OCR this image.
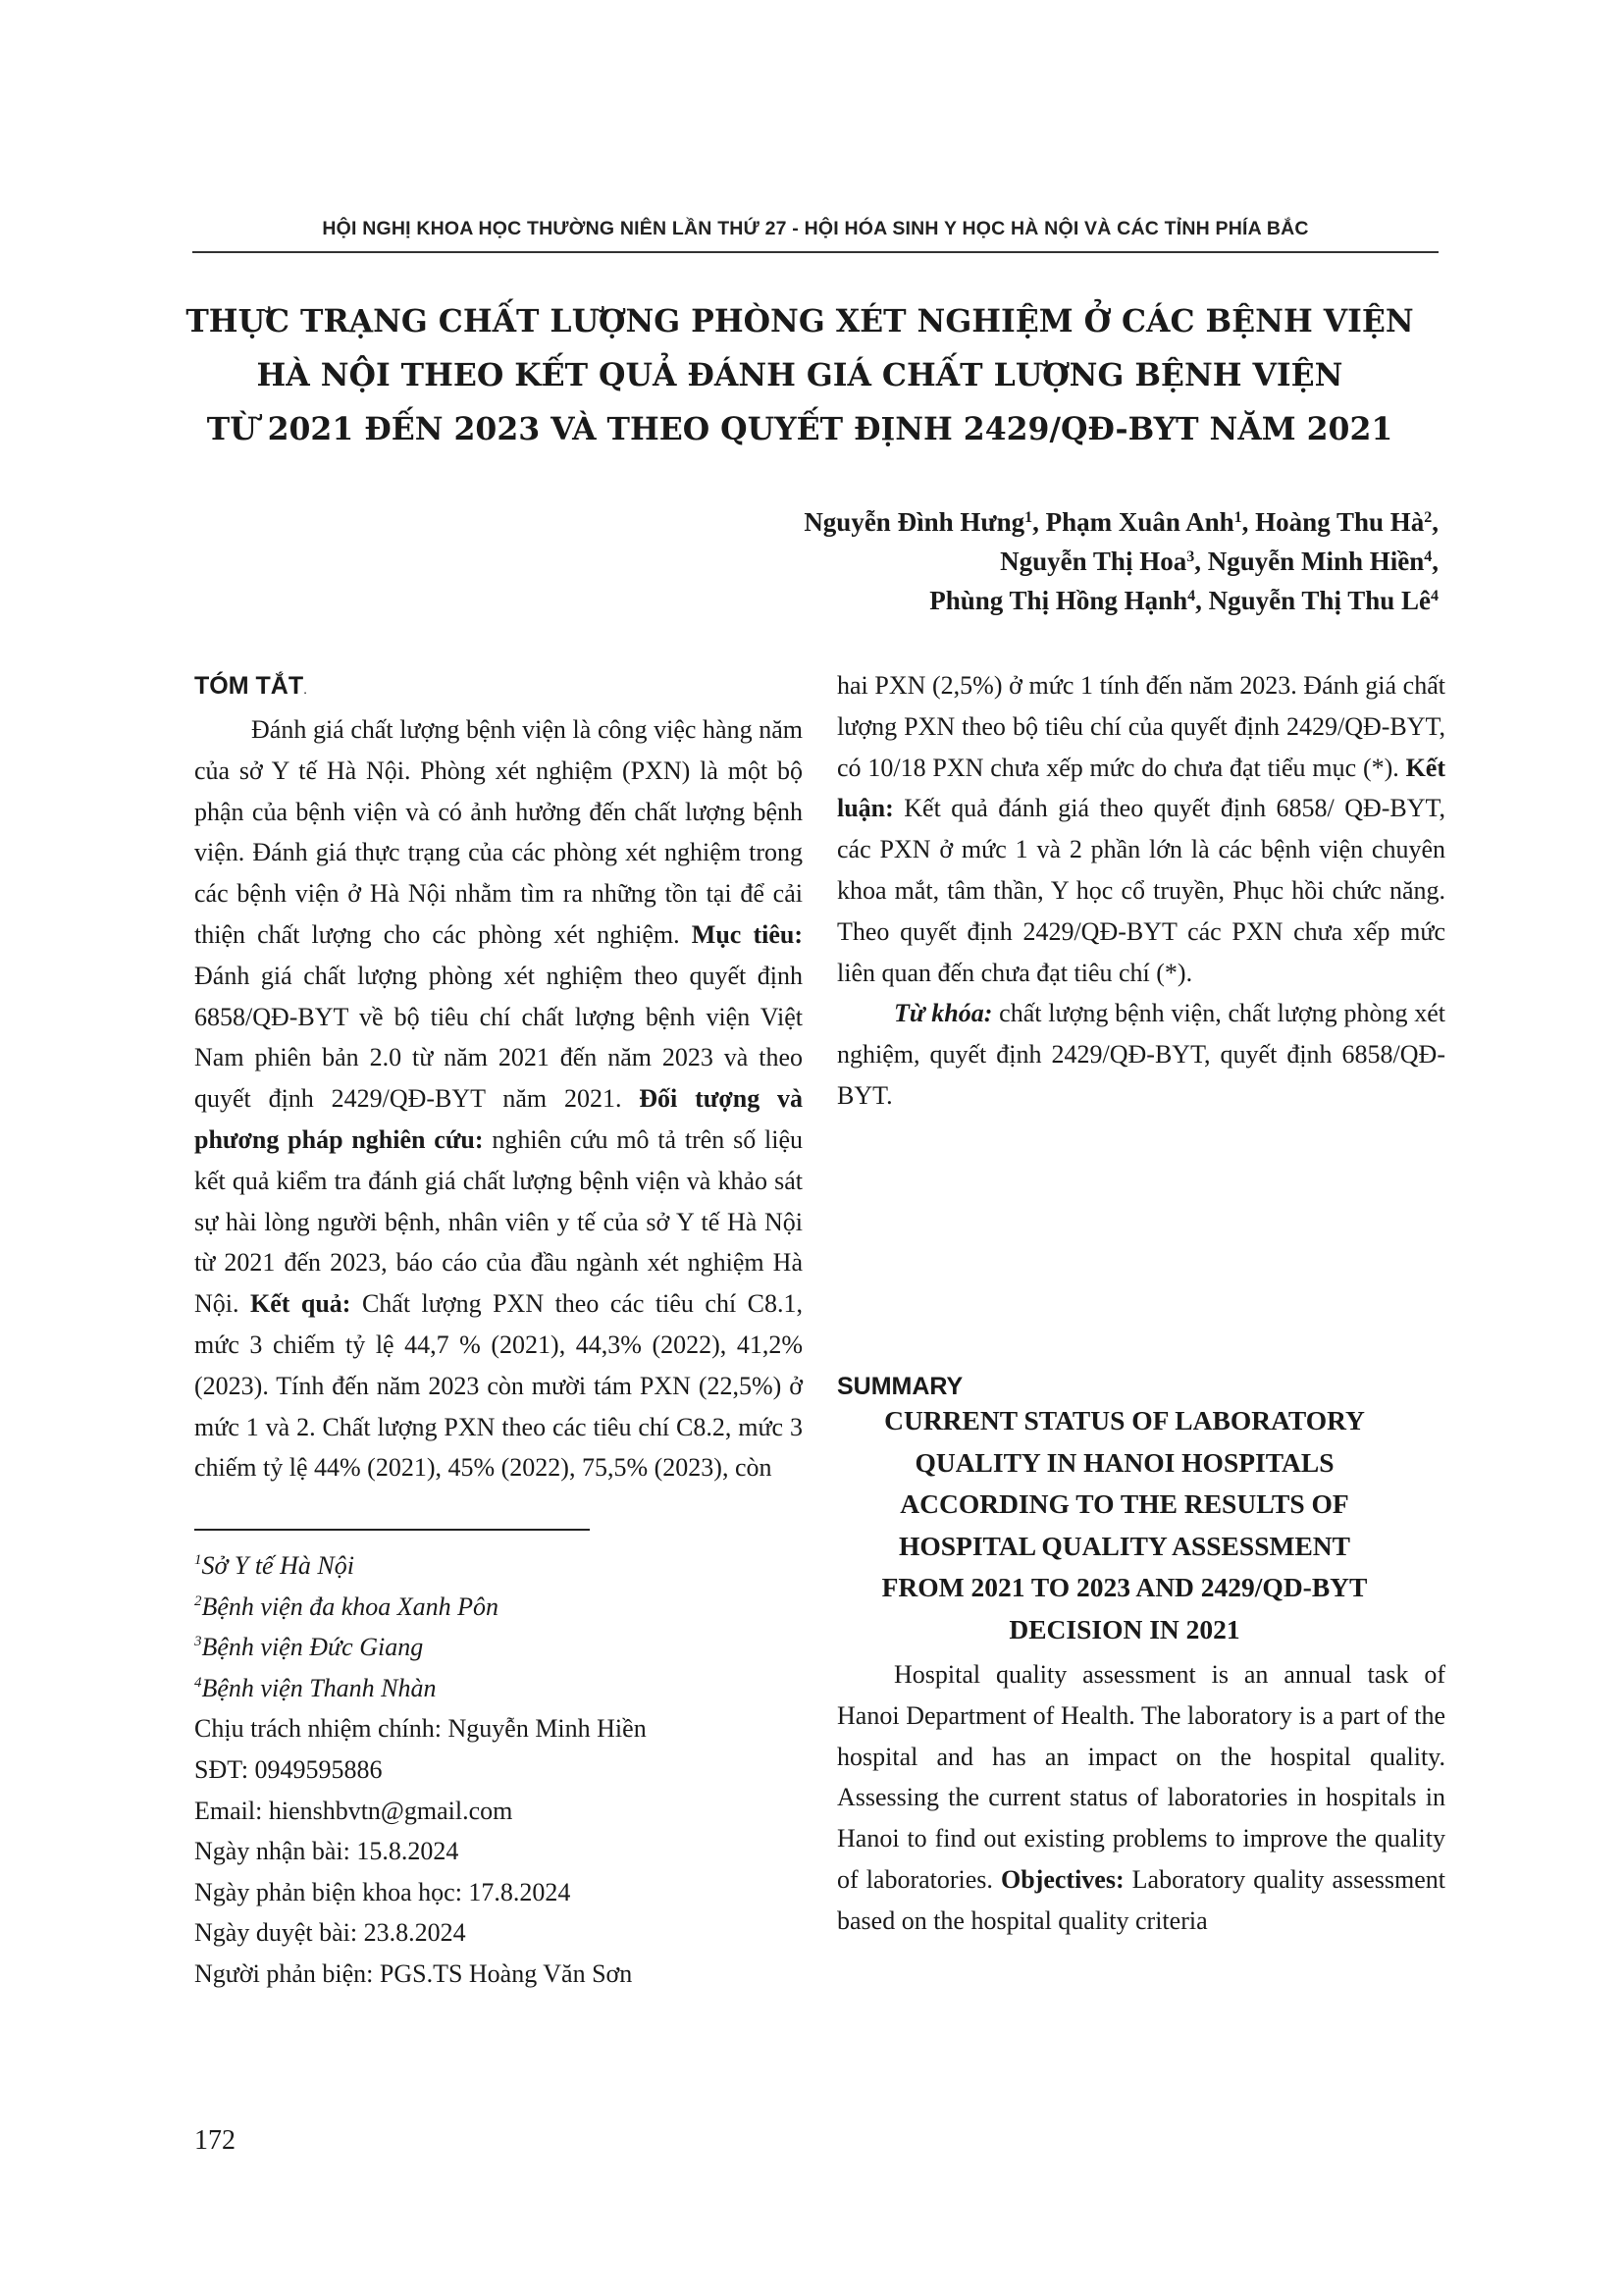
HỘI NGHỊ KHOA HỌC THƯỜNG NIÊN LẦN THỨ 27 - HỘI HÓA SINH Y HỌC HÀ NỘI VÀ CÁC TỈNH PHÍA BẮC
THỰC TRẠNG CHẤT LƯỢNG PHÒNG XÉT NGHIỆM Ở CÁC BỆNH VIỆN
HÀ NỘI THEO KẾT QUẢ ĐÁNH GIÁ CHẤT LƯỢNG BỆNH VIỆN
TỪ 2021 ĐẾN 2023 VÀ THEO QUYẾT ĐỊNH 2429/QĐ-BYT NĂM 2021
Nguyễn Đình Hưng$^1$, Phạm Xuân Anh$^1$, Hoàng Thu $Hà^2$,
Nguyễn Thị Hoa$^3$, Nguyễn Minh Hiền$^4$,
Phùng Thị Hồng Hạnh$^4$, Nguyễn Thị Thu $Lê^4$

TÓM TẮT.

Đánh giá chất lượng bệnh viện là công việc hàng năm của sở Y tế Hà Nội. Phòng xét nghiệm (PXN) là một bộ phận của bệnh viện và có ảnh hưởng đến chất lượng bệnh viện. Đánh giá thực trạng của các phòng xét nghiệm trong các bệnh viện ở Hà Nội nhằm tìm ra những tồn tại để cải thiện chất lượng cho các phòng xét nghiệm. Mục tiêu: Đánh giá chất lượng phòng xét nghiệm theo quyết định 6858/QĐ-BYT về bộ tiêu chí chất lượng bệnh viện Việt Nam phiên bản 2.0 từ năm 2021 đến năm 2023 và theo quyết định 2429/QĐ-BYT năm 2021. Đối tượng và phương pháp nghiên cứu: nghiên cứu mô tả trên số liệu kết quả kiểm tra đánh giá chất lượng bệnh viện và khảo sát sự hài lòng người bệnh, nhân viên y tế của sở Y tế Hà Nội từ 2021 đến 2023, báo cáo của đầu ngành xét nghiệm Hà Nội. Kết quả: Chất lượng PXN theo các tiêu chí C8.1, mức 3 chiếm tỷ lệ 44,7 % (2021), 44,3% (2022), 41,2% (2023). Tính đến năm 2023 còn mười tám PXN (22,5%) ở mức 1 và 2. Chất lượng PXN theo các tiêu chí C8.2, mức 3 chiếm tỷ lệ 44% (2021), 45% (2022), 75,5% (2023), còn

hai PXN (2,5%) ở mức 1 tính đến năm 2023. Đánh giá chất lượng PXN theo bộ tiêu chí của quyết định 2429/QĐ-BYT, có 10/18 PXN chưa xếp mức do chưa đạt tiểu mục (*). Kết luận: Kết quả đánh giá theo quyết định 6858/ QĐ-BYT, các PXN ở mức 1 và 2 phần lớn là các bệnh viện chuyên khoa mắt, tâm thần, Y học cổ truyền, Phục hồi chức năng. Theo quyết định 2429/QĐ-BYT các PXN chưa xếp mức liên quan đến chưa đạt tiêu chí (*).

Từ khóa: chất lượng bệnh viện, chất lượng phòng xét nghiệm, quyết định 2429/QĐ-BYT, quyết định 6858/QĐ-BYT.

SUMMARY

CURRENT STATUS OF LABORATORY
QUALITY IN HANOI HOSPITALS
ACCORDING TO THE RESULTS OF
HOSPITAL QUALITY ASSESSMENT
FROM 2021 TO 2023 AND 2429/QD-BYT
DECISION IN 2021

Hospital quality assessment is an annual task of Hanoi Department of Health. The laboratory is a part of the hospital and has an impact on the hospital quality. Assessing the current status of laboratories in hospitals in Hanoi to find out existing problems to improve the quality of laboratories. Objectives: Laboratory quality assessment based on the hospital quality criteria

$^1$Sở Y tế Hà Nội
$^2$Bệnh viện đa khoa Xanh Pôn
$^3$Bệnh viện Đức Giang
$^4$Bệnh viện Thanh Nhàn
Chịu trách nhiệm chính: Nguyễn Minh Hiền
SĐT: 0949595886
Email: hienshbvtn@gmail.com
Ngày nhận bài: 15.8.2024
Ngày phản biện khoa học: 17.8.2024
Ngày duyệt bài: 23.8.2024
Người phản biện: PGS.TS Hoàng Văn Sơn
172
